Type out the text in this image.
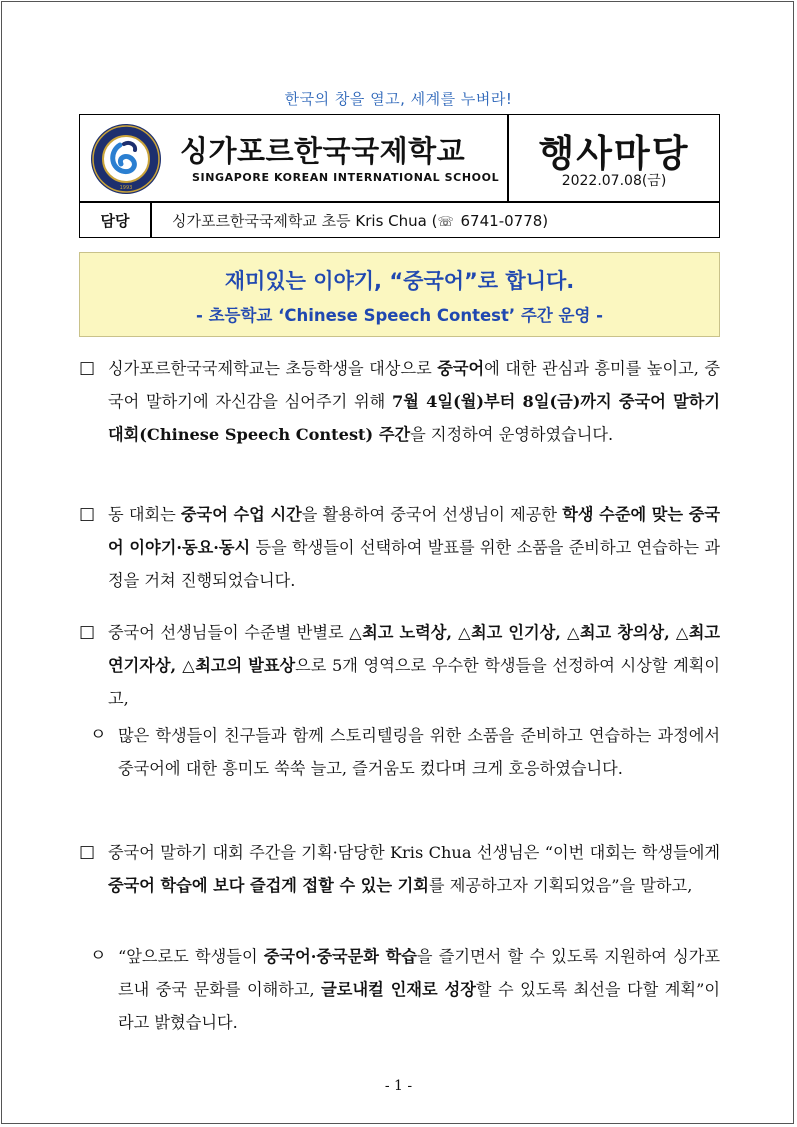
한국의 창을 열고, 세계를 누벼라!
1993
싱가포르한국국제학교
SINGAPORE KOREAN INTERNATIONAL SCHOOL
행사마당
2022.07.08(금)
담당	싱가포르한국국제학교 초등 Kris Chua (☏ 6741-0778)
재미있는 이야기, “중국어”로 합니다.
- 초등학교 ‘Chinese Speech Contest’ 주간 운영 -
□ 싱가포르한국국제학교는 초등학생을 대상으로 중국어에 대한 관심과 흥미를 높이고, 중국어 말하기에 자신감을 심어주기 위해 7월 4일(월)부터 8일(금)까지 중국어 말하기 대회(Chinese Speech Contest) 주간을 지정하여 운영하였습니다.
□ 동 대회는 중국어 수업 시간을 활용하여 중국어 선생님이 제공한 학생 수준에 맞는 중국어 이야기·동요·동시 등을 학생들이 선택하여 발표를 위한 소품을 준비하고 연습하는 과정을 거쳐 진행되었습니다.
□ 중국어 선생님들이 수준별 반별로 △최고 노력상, △최고 인기상, △최고 창의상, △최고 연기자상, △최고의 발표상으로 5개 영역으로 우수한 학생들을 선정하여 시상할 계획이고,
ㅇ 많은 학생들이 친구들과 함께 스토리텔링을 위한 소품을 준비하고 연습하는 과정에서 중국어에 대한 흥미도 쑥쑥 늘고, 즐거움도 컸다며 크게 호응하였습니다.
□ 중국어 말하기 대회 주간을 기획·담당한 Kris Chua 선생님은 “이번 대회는 학생들에게 중국어 학습에 보다 즐겁게 접할 수 있는 기회를 제공하고자 기획되었음”을 말하고,
ㅇ “앞으로도 학생들이 중국어·중국문화 학습을 즐기면서 할 수 있도록 지원하여 싱가포르내 중국 문화를 이해하고, 글로내컬 인재로 성장할 수 있도록 최선을 다할 계획”이라고 밝혔습니다.
- 1 -
